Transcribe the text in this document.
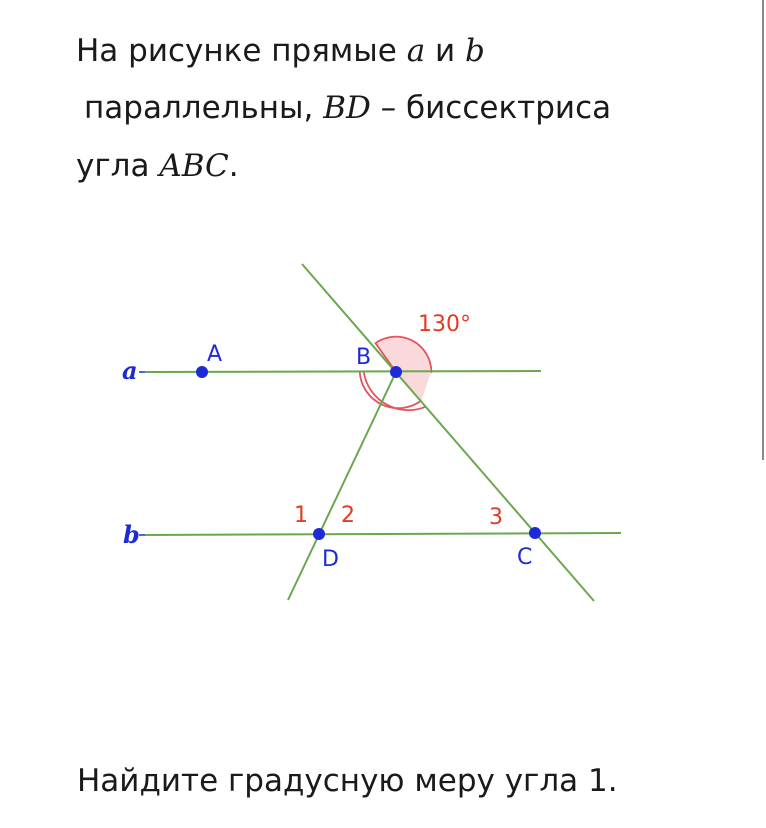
На рисунке прямые a и b
параллельны, BD – биссектриса
угла ABC.
a
b
A	B
D	C
130°
1 2	3
Найдите градусную меру угла 1.
